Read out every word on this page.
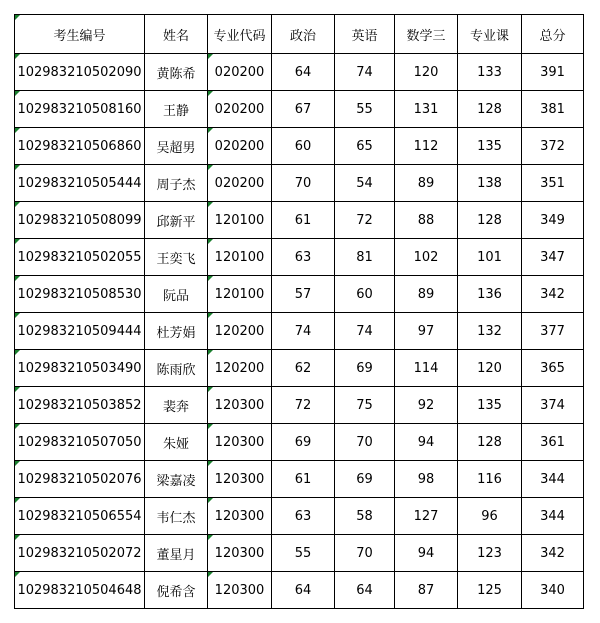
考生编号	姓名	专业代码	政治	英语	数学三	专业课	总分
102983210502090	黄陈希	020200	64	74	120	133	391
102983210508160	王静	020200	67	55	131	128	381
102983210506860	吴超男	020200	60	65	112	135	372
102983210505444	周子杰	020200	70	54	89	138	351
102983210508099	邱新平	120100	61	72	88	128	349
102983210502055	王奕飞	120100	63	81	102	101	347
102983210508530	阮品	120100	57	60	89	136	342
102983210509444	杜芳娟	120200	74	74	97	132	377
102983210503490	陈雨欣	120200	62	69	114	120	365
102983210503852	裴奔	120300	72	75	92	135	374
102983210507050	朱娅	120300	69	70	94	128	361
102983210502076	梁嘉凌	120300	61	69	98	116	344
102983210506554	韦仁杰	120300	63	58	127	96	344
102983210502072	董星月	120300	55	70	94	123	342
102983210504648	倪希含	120300	64	64	87	125	340
